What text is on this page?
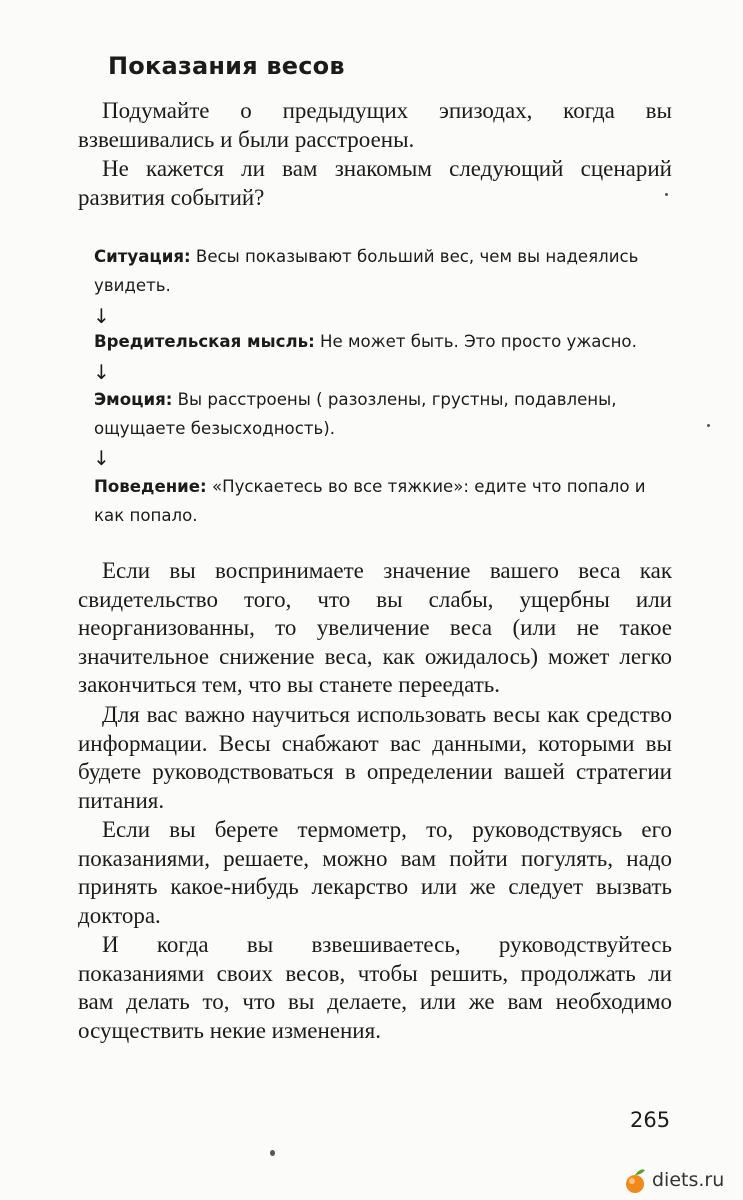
Показания весов

Подумайте о предыдущих эпизодах, когда вы взвешивались и были расстроены.

Не кажется ли вам знакомым следующий сценарий развития событий?

Ситуация: Весы показывают больший вес, чем вы надеялись увидеть.

↓

Вредительская мысль: Не может быть. Это просто ужасно.

↓

Эмоция: Вы расстроены ( разозлены, грустны, подавлены, ощущаете безысходность).

↓

Поведение: «Пускаетесь во все тяжкие»: едите что попало и как попало.

Если вы воспринимаете значение вашего веса как свидетельство того, что вы слабы, ущербны или неорганизованны, то увеличение веса (или не такое значительное снижение веса, как ожидалось) может легко закончиться тем, что вы станете переедать.

Для вас важно научиться использовать весы как средство информации. Весы снабжают вас данными, которыми вы будете руководствоваться в определении вашей стратегии питания.

Если вы берете термометр, то, руководствуясь его показаниями, решаете, можно вам пойти погулять, надо принять какое-нибудь лекарство или же следует вызвать доктора.

И когда вы взвешиваетесь, руководствуйтесь показаниями своих весов, чтобы решить, продолжать ли вам делать то, что вы делаете, или же вам необходимо осуществить некие изменения.

265
diets.ru
